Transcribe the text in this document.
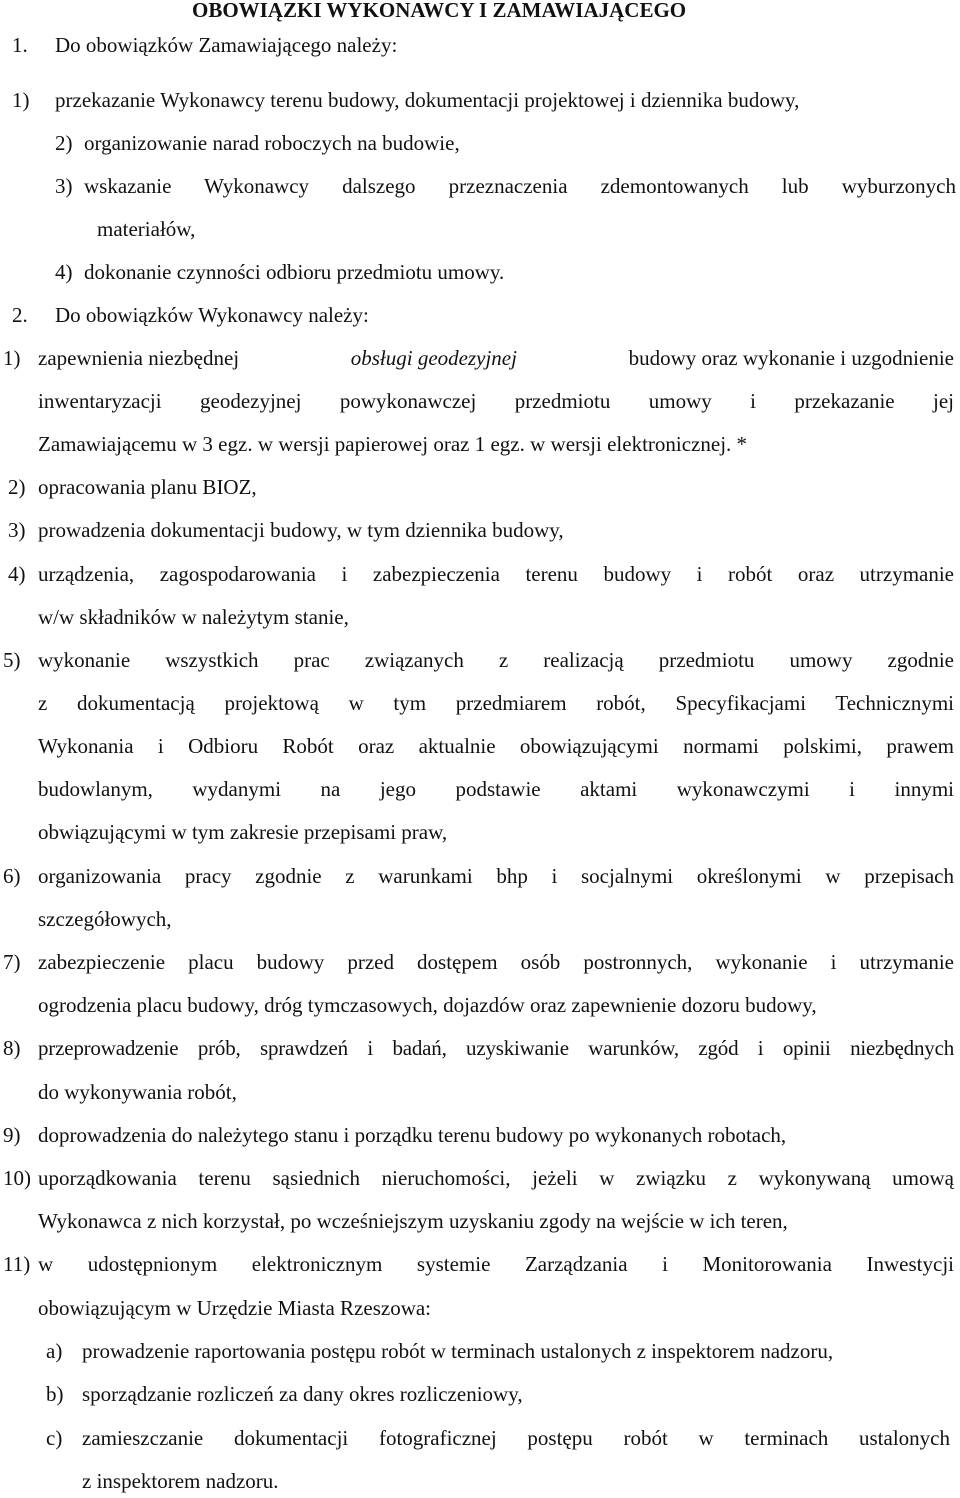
OBOWIĄZKI WYKONAWCY I ZAMAWIAJĄCEGO
1. Do obowiązków Zamawiającego należy:
1) przekazanie Wykonawcy terenu budowy, dokumentacji projektowej i dziennika budowy,
2) organizowanie narad roboczych na budowie,
3) wskazanie Wykonawcy dalszego przeznaczenia zdemontowanych lub wyburzonych
materiałów,
4) dokonanie czynności odbioru przedmiotu umowy.
2. Do obowiązków Wykonawcy należy:
1) zapewnienia niezbędnej	obsługi geodezyjnej	budowy oraz wykonanie i uzgodnienie
inwentaryzacji geodezyjnej powykonawczej przedmiotu umowy i przekazanie jej
Zamawiającemu w 3 egz. w wersji papierowej oraz 1 egz. w wersji elektronicznej. *
2) opracowania planu BIOZ,
3) prowadzenia dokumentacji budowy, w tym dziennika budowy,
4) urządzenia, zagospodarowania i zabezpieczenia terenu budowy i robót oraz utrzymanie
w/w składników w należytym stanie,
5) wykonanie wszystkich prac związanych z realizacją przedmiotu umowy zgodnie
z dokumentacją projektową w tym przedmiarem robót, Specyfikacjami Technicznymi
Wykonania i Odbioru Robót oraz aktualnie obowiązującymi normami polskimi, prawem
budowlanym, wydanymi na jego podstawie aktami wykonawczymi i innymi
obwiązującymi w tym zakresie przepisami praw,
6) organizowania pracy zgodnie z warunkami bhp i socjalnymi określonymi w przepisach
szczegółowych,
7) zabezpieczenie placu budowy przed dostępem osób postronnych, wykonanie i utrzymanie
ogrodzenia placu budowy, dróg tymczasowych, dojazdów oraz zapewnienie dozoru budowy,
8) przeprowadzenie prób, sprawdzeń i badań, uzyskiwanie warunków, zgód i opinii niezbędnych
do wykonywania robót,
9) doprowadzenia do należytego stanu i porządku terenu budowy po wykonanych robotach,
10) uporządkowania terenu sąsiednich nieruchomości, jeżeli w związku z wykonywaną umową
Wykonawca z nich korzystał, po wcześniejszym uzyskaniu zgody na wejście w ich teren,
11) w udostępnionym elektronicznym systemie Zarządzania i Monitorowania Inwestycji
obowiązującym w Urzędzie Miasta Rzeszowa:
a) prowadzenie raportowania postępu robót w terminach ustalonych z inspektorem nadzoru,
b) sporządzanie rozliczeń za dany okres rozliczeniowy,
c) zamieszczanie dokumentacji fotograficznej postępu robót w terminach ustalonych
z inspektorem nadzoru.
